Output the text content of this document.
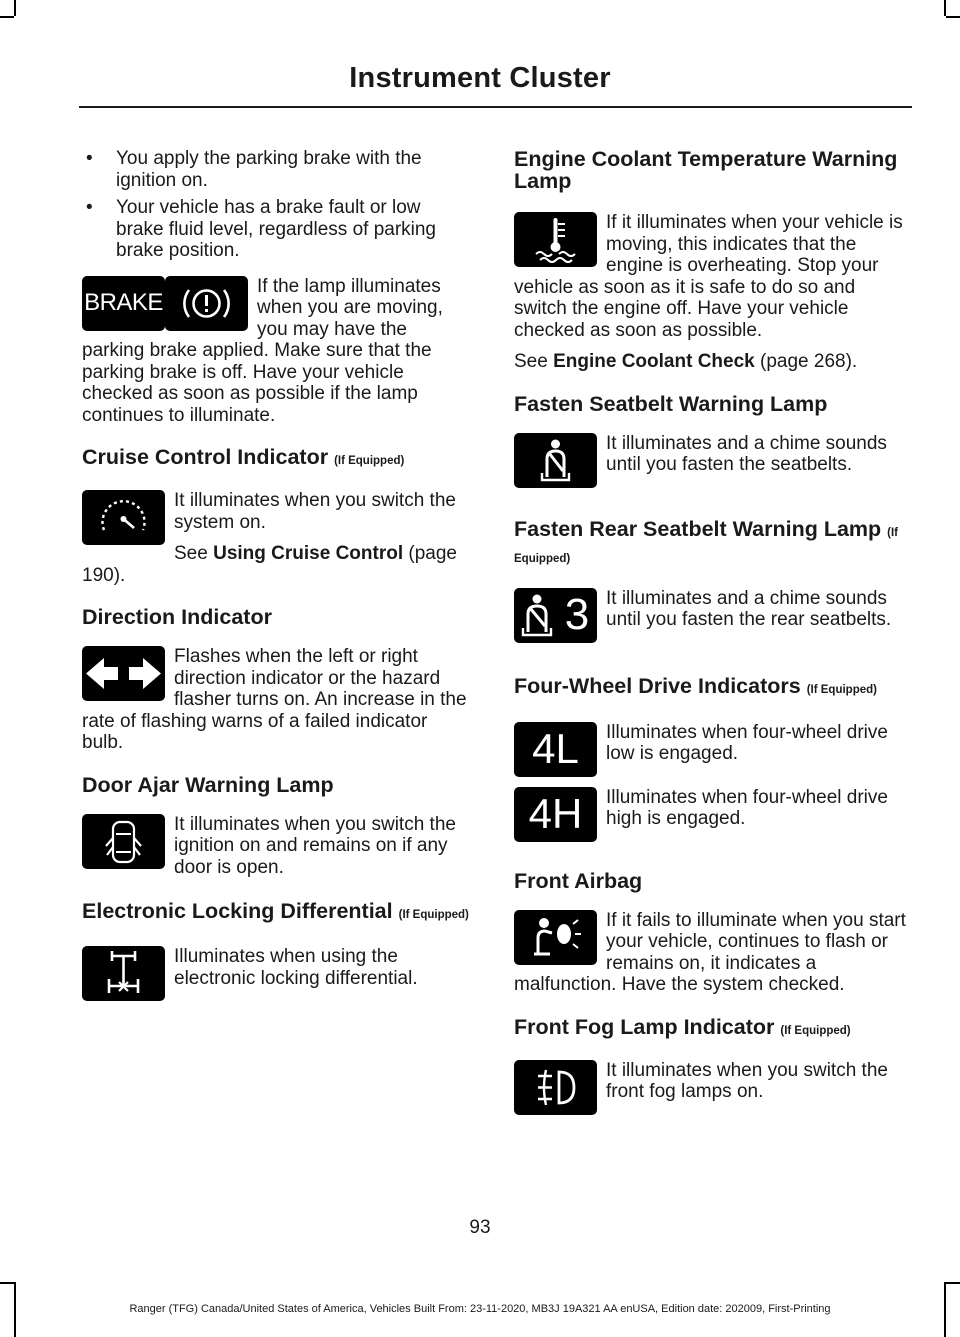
Instrument Cluster
• You apply the parking brake with the ignition on.
• Your vehicle has a brake fault or low brake fluid level, regardless of parking brake position.
BRAKE

If the lamp illuminates when you are moving, you may have the parking brake applied. Make sure that the parking brake is off. Have your vehicle checked as soon as possible if the lamp continues to illuminate.

Cruise Control Indicator (If Equipped)

It illuminates when you switch the system on.

See Using Cruise Control (page 190).

Direction Indicator

Flashes when the left or right direction indicator or the hazard flasher turns on. An increase in the rate of flashing warns of a failed indicator bulb.

Door Ajar Warning Lamp

It illuminates when you switch the ignition on and remains on if any door is open.

Electronic Locking Differential (If Equipped)

Illuminates when using the electronic locking differential.

Engine Coolant Temperature Warning Lamp

If it illuminates when your vehicle is moving, this indicates that the engine is overheating. Stop your vehicle as soon as it is safe to do so and switch the engine off. Have your vehicle checked as soon as possible.

See Engine Coolant Check (page 268).

Fasten Seatbelt Warning Lamp

It illuminates and a chime sounds until you fasten the seatbelts.

Fasten Rear Seatbelt Warning Lamp (If Equipped)
3 It illuminates and a chime sounds until you fasten the rear seatbelts.

Four-Wheel Drive Indicators (If Equipped)
4L	Illuminates when four-wheel drive low is engaged.

4H	Illuminates when four-wheel drive high is engaged.

Front Airbag

If it fails to illuminate when you start your vehicle, continues to flash or remains on, it indicates a malfunction. Have the system checked.

Front Fog Lamp Indicator (If Equipped)

It illuminates when you switch the front fog lamps on.

93
Ranger (TFG) Canada/United States of America, Vehicles Built From: 23-11-2020, MB3J 19A321 AA enUSA, Edition date: 202009, First-Printing
